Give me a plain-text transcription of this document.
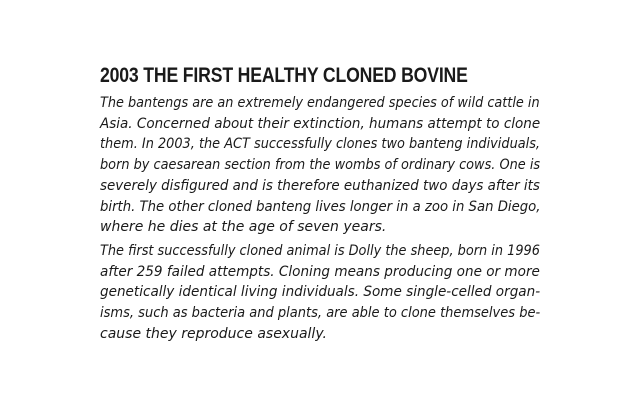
2003 THE FIRST HEALTHY CLONED BOVINE
The bantengs are an extremely endangered species of wild cattle in
Asia. Concerned about their extinction, humans attempt to clone
them. In 2003, the ACT successfully clones two banteng individuals,
born by caesarean section from the wombs of ordinary cows. One is
severely disfigured and is therefore euthanized two days after its
birth. The other cloned banteng lives longer in a zoo in San Diego,
where he dies at the age of seven years.
The first successfully cloned animal is Dolly the sheep, born in 1996
after 259 failed attempts. Cloning means producing one or more
genetically identical living individuals. Some single-celled organ-
isms, such as bacteria and plants, are able to clone themselves be-
cause they reproduce asexually.
